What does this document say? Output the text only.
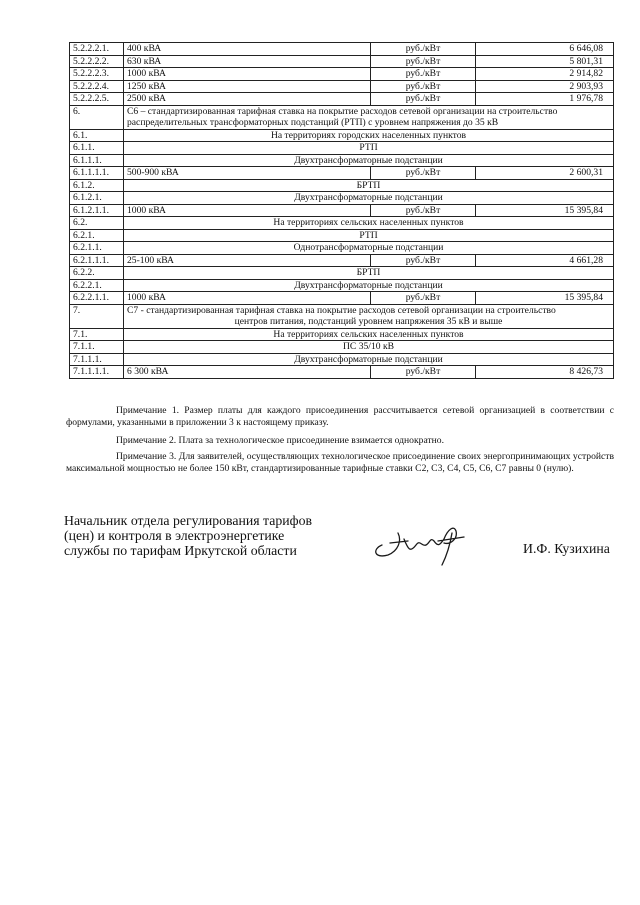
5.2.2.2.1.	400 кВА	руб./кВт	6 646,08
5.2.2.2.2.	630 кВА	руб./кВт	5 801,31
5.2.2.2.3.	1000 кВА	руб./кВт	2 914,82
5.2.2.2.4.	1250 кВА	руб./кВт	2 903,93
5.2.2.2.5.	2500 кВА	руб./кВт	1 976,78
6.	С6 – стандартизированная тарифная ставка на покрытие расходов сетевой организации на строительство
распределительных трансформаторных подстанций (РТП) с уровнем напряжения до 35 кВ		

6.1.	На территориях городских населенных пунктов		
6.1.1.	РТП		
6.1.1.1.	Двухтрансформаторные подстанции		
6.1.1.1.1.	500-900 кВА	руб./кВт	2 600,31
6.1.2.	БРТП		
6.1.2.1.	Двухтрансформаторные подстанции		
6.1.2.1.1.	1000 кВА	руб./кВт	15 395,84
6.2.	На территориях сельских населенных пунктов		
6.2.1.	РТП		
6.2.1.1.	Однотрансформаторные подстанции		
6.2.1.1.1.	25-100 кВА	руб./кВт	4 661,28
6.2.2.	БРТП		
6.2.2.1.	Двухтрансформаторные подстанции		
6.2.2.1.1.	1000 кВА	руб./кВт	15 395,84
7.	С7 - стандартизированная тарифная ставка на покрытие расходов сетевой организации на строительство
центров питания, подстанций уровнем напряжения 35 кВ и выше		

7.1.	На территориях сельских населенных пунктов		
7.1.1.	ПС 35/10 кВ		
7.1.1.1.	Двухтрансформаторные подстанции		
7.1.1.1.1.	6 300 кВА	руб./кВт	8 426,73

Примечание 1. Размер платы для каждого присоединения рассчитывается сетевой организацией в соответствии с формулами, указанными в приложении 3 к настоящему приказу.

Примечание 2. Плата за технологическое присоединение взимается однократно.

Примечание 3. Для заявителей, осуществляющих технологическое присоединение своих энергопринимающих устройств максимальной мощностью не более 150 кВт, стандартизированные тарифные ставки С2, С3, С4, С5, С6, С7 равны 0 (нулю).

Начальник отдела регулирования тарифов
(цен) и контроля в электроэнергетике
службы по тарифам Иркутской области	И.Ф. Кузихина
